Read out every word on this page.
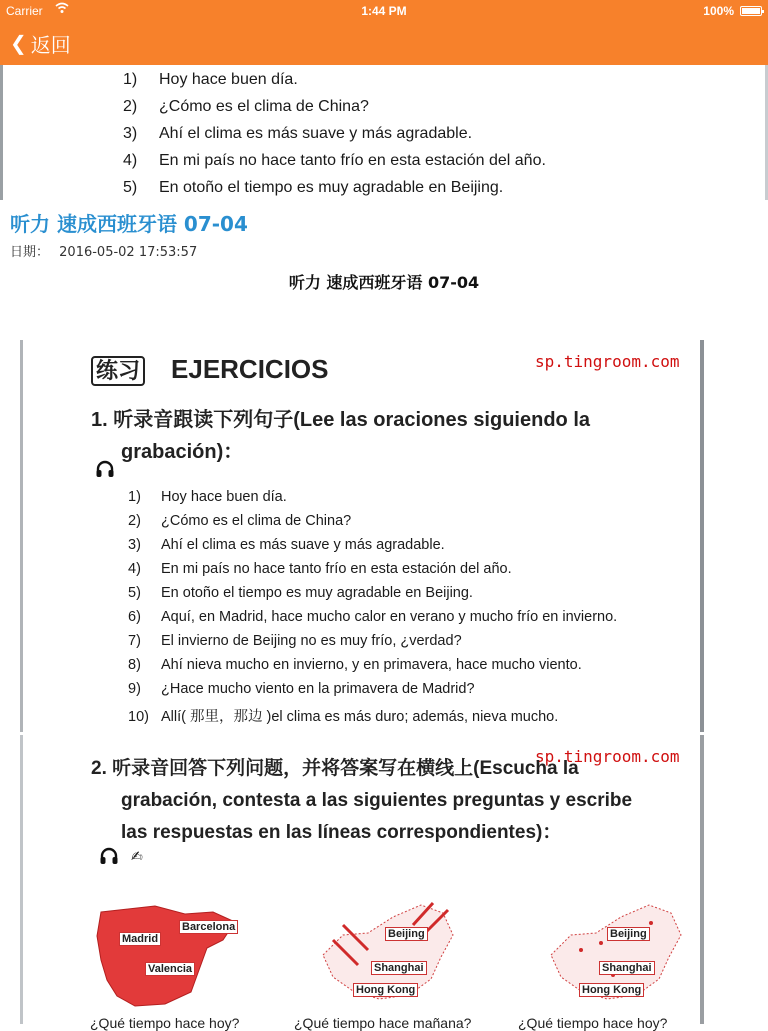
Carrier	1:44 PM	100%
❮ 返回
1) Hoy hace buen día.
2) ¿Cómo es el clima de China?
3) Ahí el clima es más suave y más agradable.
4) En mi país no hace tanto frío en esta estación del año.
5) En otoño el tiempo es muy agradable en Beijing.
听力 速成西班牙语 07-04
日期： 2016-05-02 17:53:57
听力 速成西班牙语 07-04
练习 EJERCICIOS	sp.tingroom.com
1. 听录音跟读下列句子(Lee las oraciones siguiendo la
grabación)：
1) Hoy hace buen día.
2) ¿Cómo es el clima de China?
3) Ahí el clima es más suave y más agradable.
4) En mi país no hace tanto frío en esta estación del año.
5) En otoño el tiempo es muy agradable en Beijing.
6) Aquí, en Madrid, hace mucho calor en verano y mucho frío en invierno.
7) El invierno de Beijing no es muy frío, ¿verdad?
8) Ahí nieva mucho en invierno, y en primavera, hace mucho viento.
9) ¿Hace mucho viento en la primavera de Madrid?
10) Allí( 那里，那边 )el clima es más duro; además, nieva mucho.
sp.tingroom.com
2. 听录音回答下列问题，并将答案写在横线上(Escucha la
grabación, contesta a las siguientes preguntas y escribe
las respuestas en las líneas correspondientes)：
✍
Barcelona
Madrid
Valencia
Beijing
Shanghai
Hong Kong
Beijing
Shanghai
Hong Kong
¿Qué tiempo hace hoy?	¿Qué tiempo hace mañana?	¿Qué tiempo hace hoy?
